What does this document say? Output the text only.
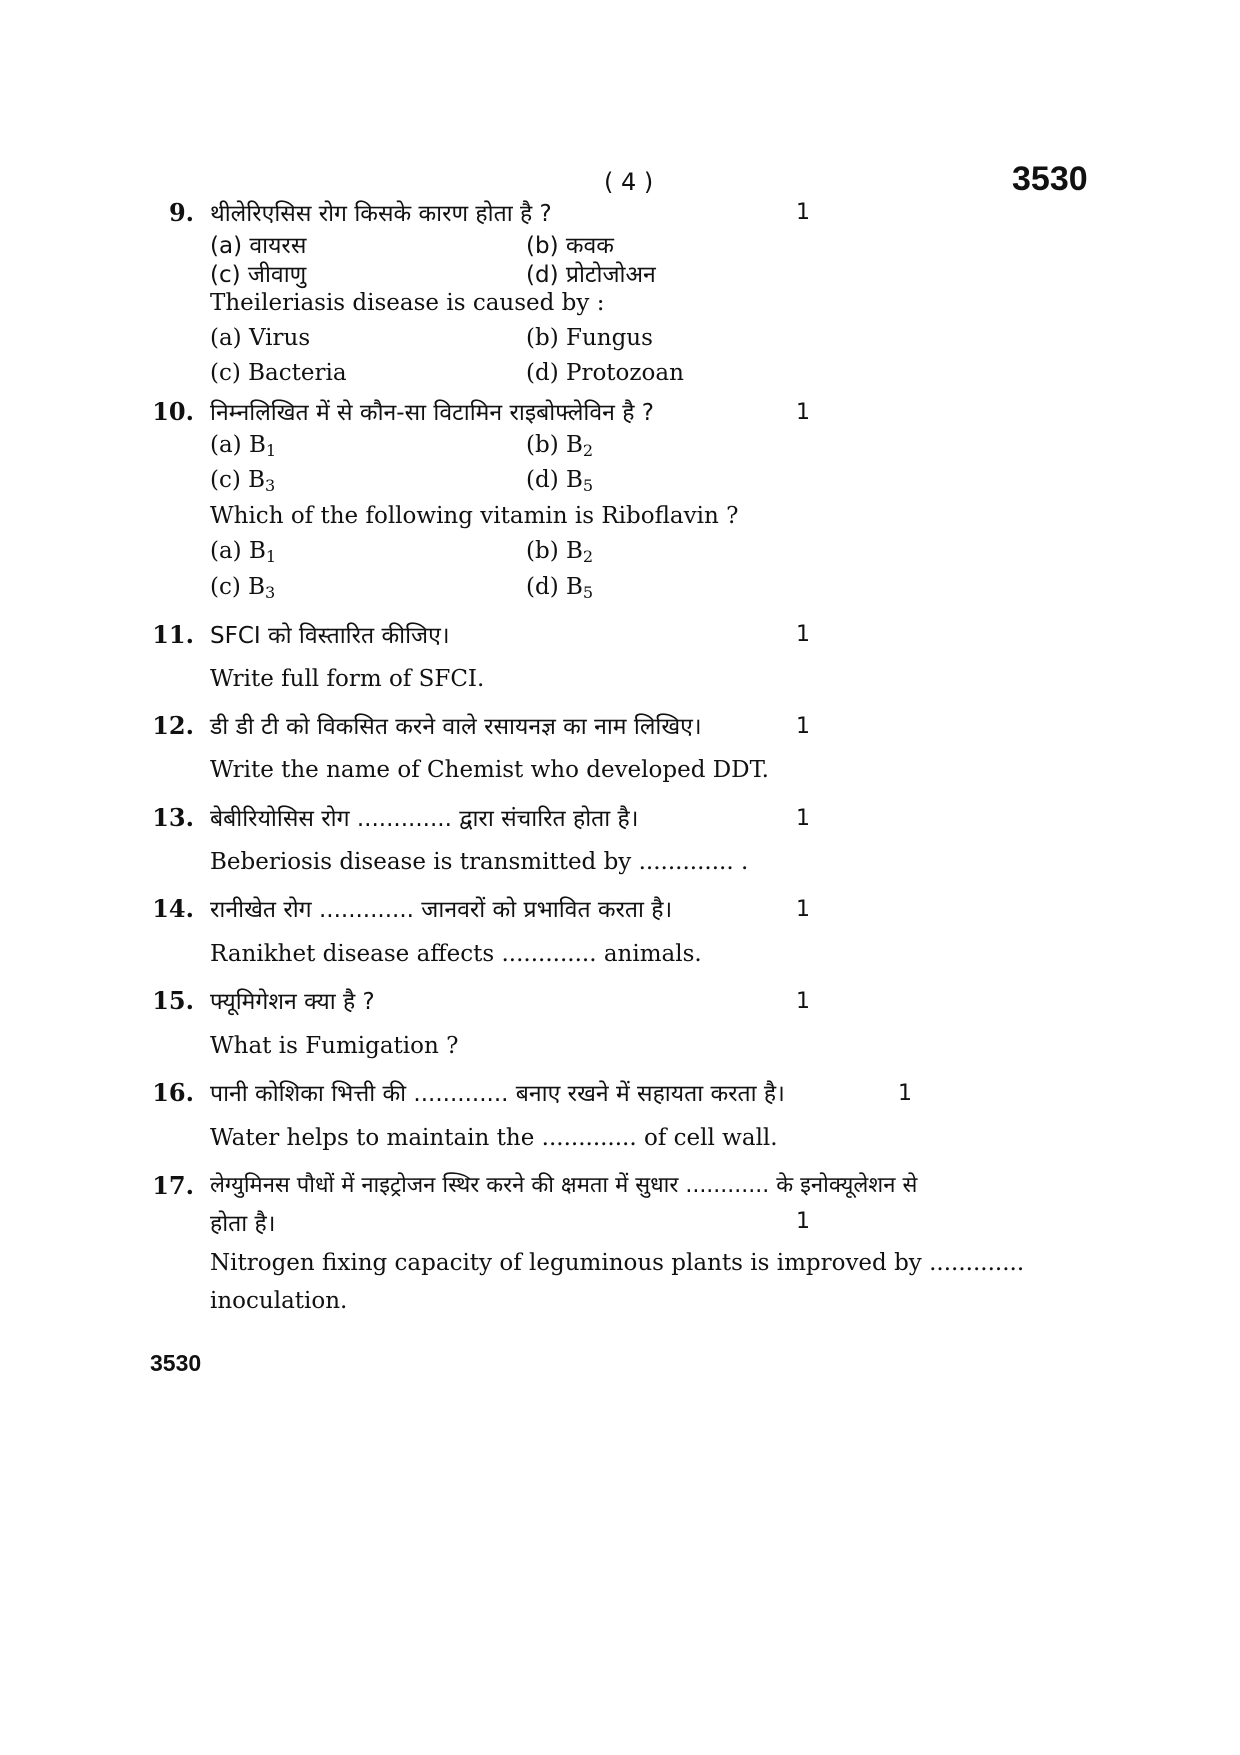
( 4 )	3530
3530
9. थीलेरिएसिस रोग किसके कारण होता है ?	1
(a) वायरस	(b) कवक
(c) जीवाणु	(d) प्रोटोजोअन
Theileriasis disease is caused by :
(a) Virus	(b) Fungus
(c) Bacteria	(d) Protozoan
10. निम्नलिखित में से कौन-सा विटामिन राइबोफ्लेविन है ?	1
(a) $B_1$	(b) $B_2$
(c) $B_3$	(d) $B_5$
Which of the following vitamin is Riboflavin ?
(a) $B_1$	(b) $B_2$
(c) $B_3$	(d) $B_5$
11. SFCI को विस्तारित कीजिए।	1
Write full form of SFCI.
12. डी डी टी को विकसित करने वाले रसायनज्ञ का नाम लिखिए।	1
Write the name of Chemist who developed DDT.
13. बेबीरियोसिस रोग ............. द्वारा संचारित होता है।	1
Beberiosis disease is transmitted by ............. .
14. रानीखेत रोग ............. जानवरों को प्रभावित करता है।	1
Ranikhet disease affects ............. animals.
15. फ्यूमिगेशन क्या है ?	1
What is Fumigation ?
16. पानी कोशिका भित्ती की ............. बनाए रखने में सहायता करता है।	1
Water helps to maintain the ............. of cell wall.
17. लेग्युमिनस पौधों में नाइट्रोजन स्थिर करने की क्षमता में सुधार ............ के इनोक्यूलेशन से
होता है।	1
Nitrogen fixing capacity of leguminous plants is improved by .............
inoculation.
